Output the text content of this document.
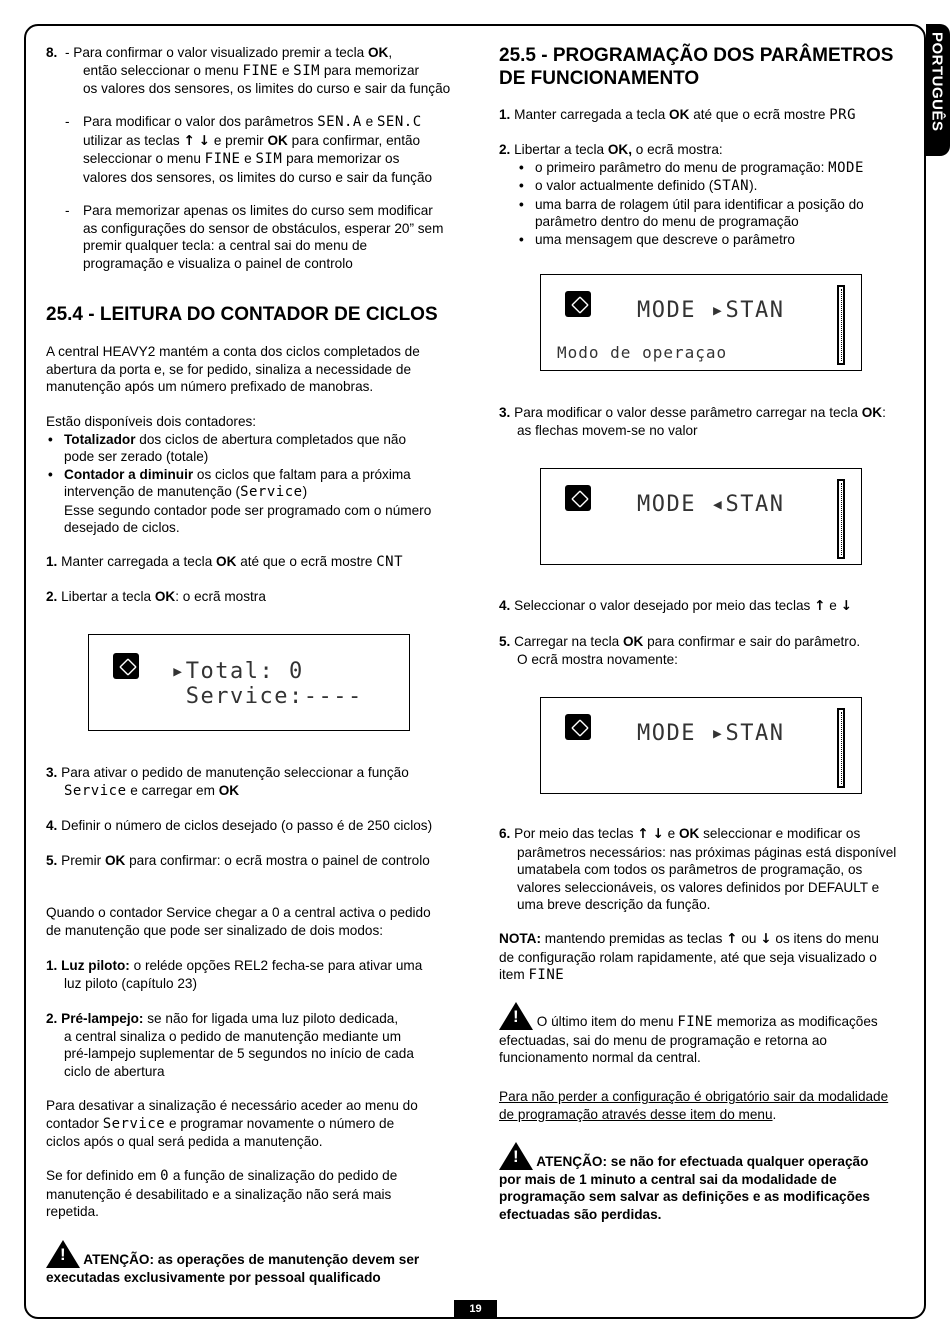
PORTUGUÊS
8. - Para confirmar o valor visualizado premir a tecla OK,
então seleccionar o menu FINE e SIM para memorizar
os valores dos sensores, os limites do curso e sair da função
- Para modificar o valor dos parâmetros SEN.A e SEN.C
utilizar as teclas ↑ ↓ e premir OK para confirmar, então
seleccionar o menu FINE e SIM para memorizar os
valores dos sensores, os limites do curso e sair da função
- Para memorizar apenas os limites do curso sem modificar
as configurações do sensor de obstáculos, esperar 20” sem
premir qualquer tecla: a central sai do menu de
programação e visualiza o painel de controlo
25.4 - LEITURA DO CONTADOR DE CICLOS
A central HEAVY2 mantém a conta dos ciclos completados de
abertura da porta e, se for pedido, sinaliza a necessidade de
manutenção após um número prefixado de manobras.
Estão disponíveis dois contadores:
• Totalizador dos ciclos de abertura completados que não
pode ser zerado (totale)
• Contador a diminuir os ciclos que faltam para a próxima
intervenção de manutenção (Service)
Esse segundo contador pode ser programado com o número
desejado de ciclos.
1. Manter carregada a tecla OK até que o ecrã mostre CNT
2. Libertar a tecla OK: o ecrã mostra
▸Total: 0
Service:----
3. Para ativar o pedido de manutenção seleccionar a função
Service e carregar em OK
4. Definir o número de ciclos desejado (o passo é de 250 ciclos)
5. Premir OK para confirmar: o ecrã mostra o painel de controlo
Quando o contador Service chegar a 0 a central activa o pedido
de manutenção que pode ser sinalizado de dois modos:
1. Luz piloto: o reléde opções REL2 fecha-se para ativar uma
luz piloto (capítulo 23)
2. Pré-lampejo: se não for ligada uma luz piloto dedicada,
a central sinaliza o pedido de manutenção mediante um
pré-lampejo suplementar de 5 segundos no início de cada
ciclo de abertura
Para desativar a sinalização é necessário aceder ao menu do
contador Service e programar novamente o número de
ciclos após o qual será pedida a manutenção.
Se for definido em 0 a função de sinalização do pedido de
manutenção é desabilitado e a sinalização não será mais
repetida.
! ATENÇÃO: as operações de manutenção devem ser
executadas exclusivamente por pessoal qualificado
25.5 - PROGRAMAÇÃO DOS PARÂMETROS
DE FUNCIONAMENTO
1. Manter carregada a tecla OK até que o ecrã mostre PRG
2. Libertar a tecla OK, o ecrã mostra:
• o primeiro parâmetro do menu de programação: MODE
• o valor actualmente definido (STAN).
• uma barra de rolagem útil para identificar a posição do
parâmetro dentro do menu de programação
• uma mensagem que descreve o parâmetro
MODE ▸STAN
Modo de operaçao
3. Para modificar o valor desse parâmetro carregar na tecla OK:
as flechas movem-se no valor
MODE ◂STAN
4. Seleccionar o valor desejado por meio das teclas ↑ e ↓
5. Carregar na tecla OK para confirmar e sair do parâmetro.
O ecrã mostra novamente:
MODE ▸STAN
6. Por meio das teclas ↑ ↓ e OK seleccionar e modificar os
parâmetros necessários: nas próximas páginas está disponível
umatabela com todos os parâmetros de programação, os
valores seleccionáveis, os valores definidos por DEFAULT e
uma breve descrição da função.
NOTA: mantendo premidas as teclas ↑ ou ↓ os itens do menu
de configuração rolam rapidamente, até que seja visualizado o
item FINE
! O último item do menu FINE memoriza as modificações
efectuadas, sai do menu de programação e retorna ao
funcionamento normal da central.
Para não perder a configuração é obrigatório sair da modalidade
de programação através desse item do menu.
! ATENÇÃO: se não for efectuada qualquer operação
por mais de 1 minuto a central sai da modalidade de
programação sem salvar as definições e as modificações
efectuadas são perdidas.
19
